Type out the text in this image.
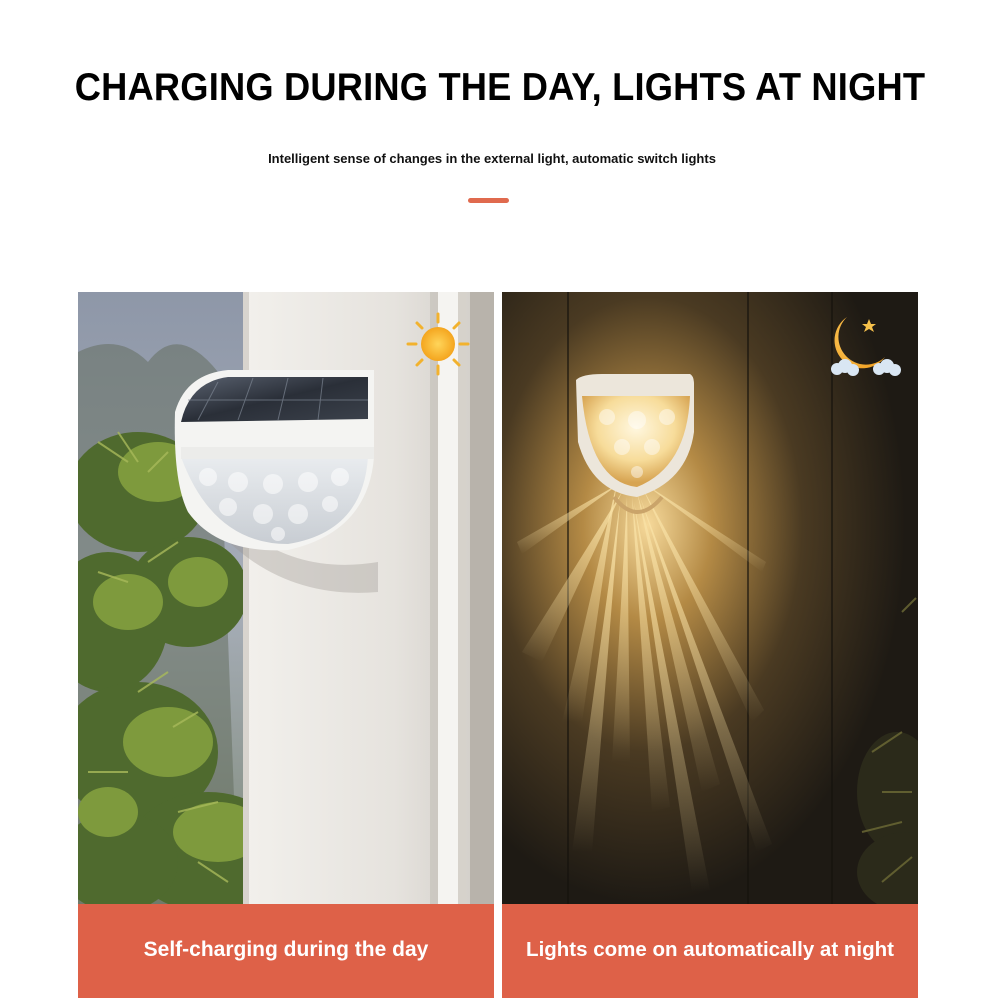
CHARGING DURING THE DAY, LIGHTS AT NIGHT

Intelligent sense of changes in the external light, automatic switch lights

Self-charging during the day	Lights come on automatically at night
